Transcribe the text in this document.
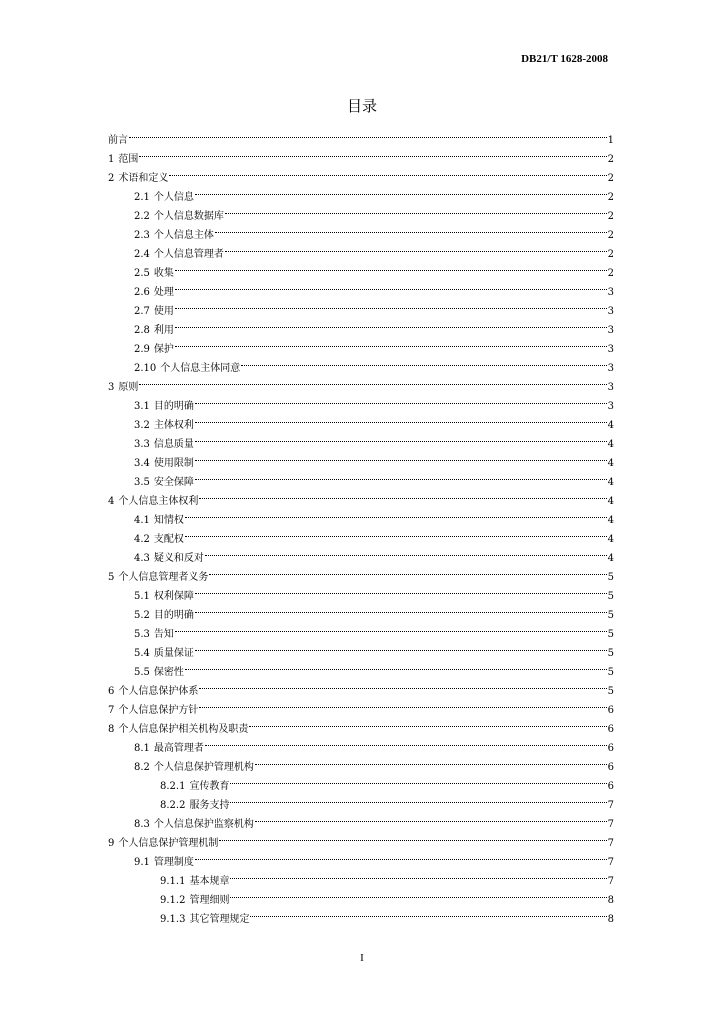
DB21/T 1628-2008
目录
前言	1
1 范围	2
2 术语和定义	2
2.1 个人信息	2
2.2 个人信息数据库	2
2.3 个人信息主体	2
2.4 个人信息管理者	2
2.5 收集	2
2.6 处理	3
2.7 使用	3
2.8 利用	3
2.9 保护	3
2.10 个人信息主体同意	3
3 原则	3
3.1 目的明确	3
3.2 主体权利	4
3.3 信息质量	4
3.4 使用限制	4
3.5 安全保障	4
4 个人信息主体权利	4
4.1 知情权	4
4.2 支配权	4
4.3 疑义和反对	4
5 个人信息管理者义务	5
5.1 权利保障	5
5.2 目的明确	5
5.3 告知	5
5.4 质量保证	5
5.5 保密性	5
6 个人信息保护体系	5
7 个人信息保护方针	6
8 个人信息保护相关机构及职责	6
8.1 最高管理者	6
8.2 个人信息保护管理机构	6
8.2.1 宣传教育	6
8.2.2 服务支持	7
8.3 个人信息保护监察机构	7
9 个人信息保护管理机制	7
9.1 管理制度	7
9.1.1 基本规章	7
9.1.2 管理细则	8
9.1.3 其它管理规定	8
I
